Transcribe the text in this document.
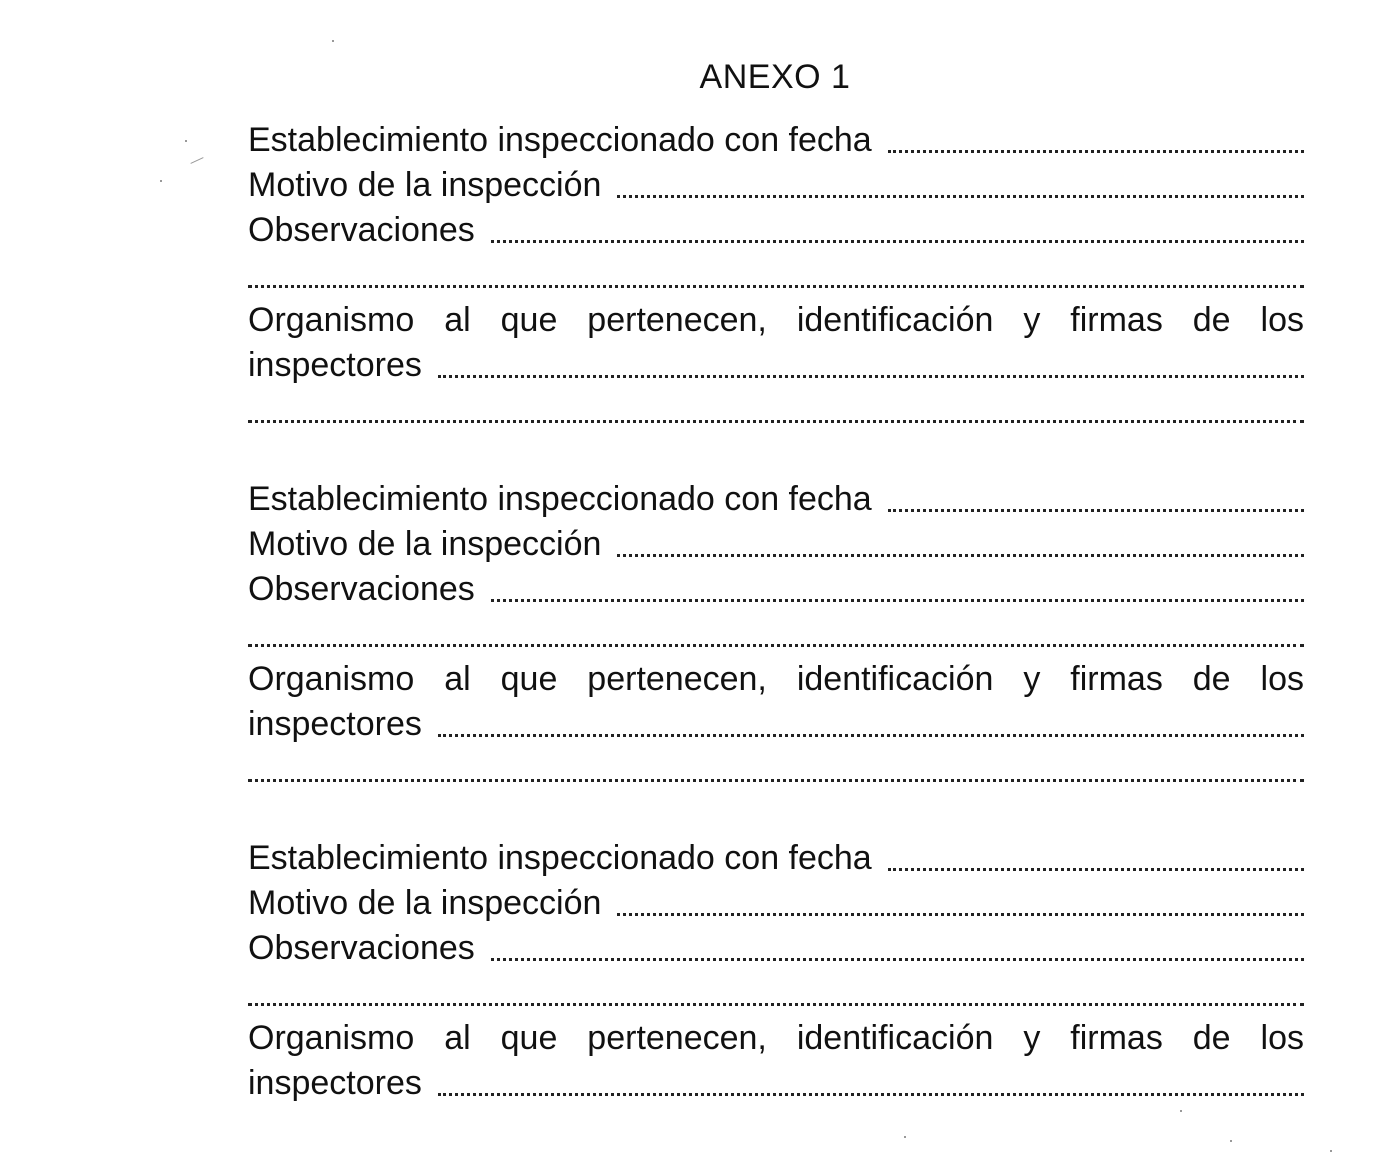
ANEXO 1
Establecimiento inspeccionado con fecha
Motivo de la inspección
Observaciones
Organismo al que pertenecen, identificación y firmas de los
inspectores
Establecimiento inspeccionado con fecha
Motivo de la inspección
Observaciones
Organismo al que pertenecen, identificación y firmas de los
inspectores
Establecimiento inspeccionado con fecha
Motivo de la inspección
Observaciones
Organismo al que pertenecen, identificación y firmas de los
inspectores
